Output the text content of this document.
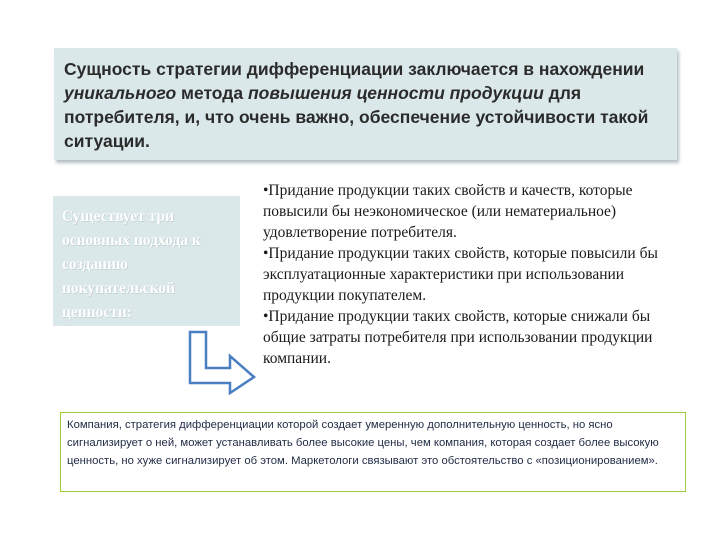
Сущность стратегии дифференциации заключается в нахождении уникального метода повышения ценности продукции для потребителя, и, что очень важно, обеспечение устойчивости такой ситуации.

Существует три основных подхода к созданию покупательской ценности:

•Придание продукции таких свойств и качеств, которые повысили бы неэкономическое (или нематериальное) удовлетворение потребителя.
•Придание продукции таких свойств, которые повысили бы эксплуатационные характеристики при использовании продукции покупателем.
•Придание продукции таких свойств, которые снижали бы общие затраты потребителя при использовании продукции компании.

Компания, стратегия дифференциации которой создает умеренную дополнительную ценность, но ясно сигнализирует о ней, может устанавливать более высокие цены, чем компания, которая создает более высокую ценность, но хуже сигнализирует об этом. Маркетологи связывают это обстоятельство с «позиционированием».
